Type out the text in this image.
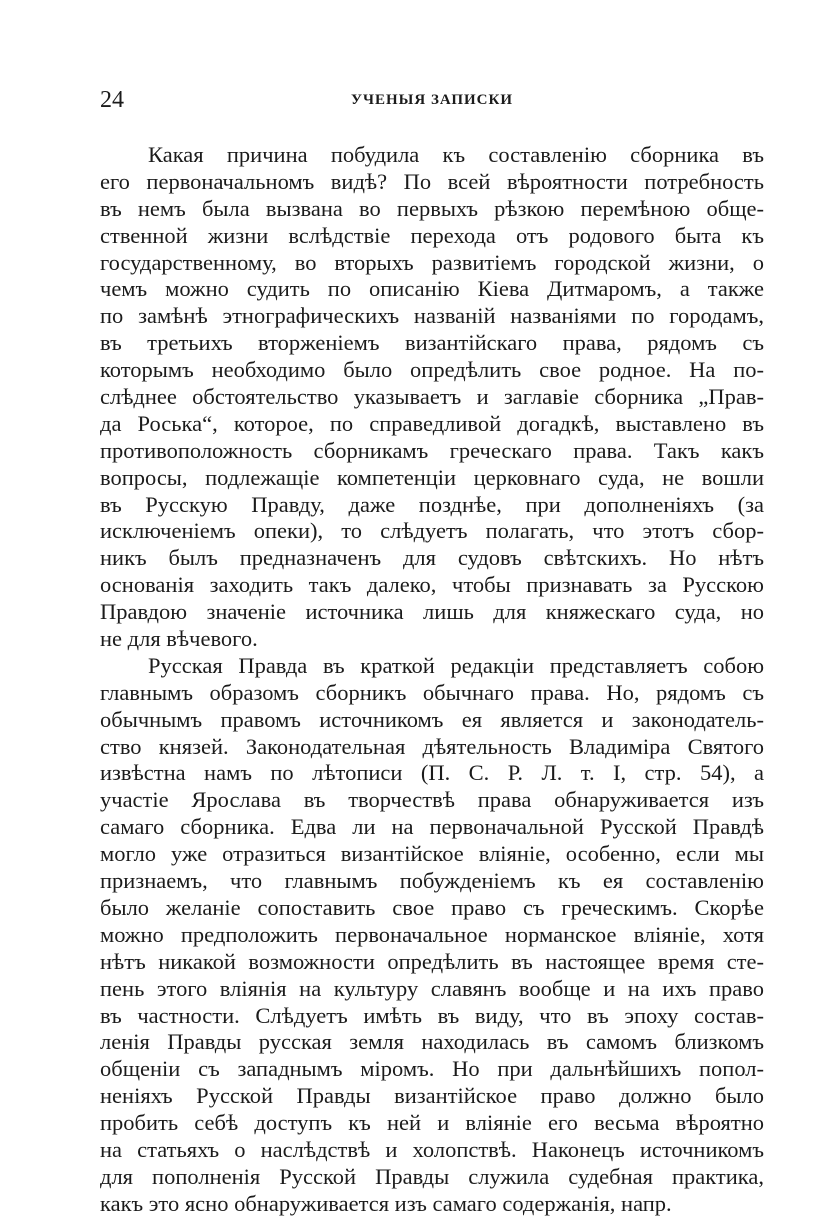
24	УЧЕНЫЯ ЗАПИСКИ
Какая причина побудила къ составленію сборника въ
его первоначальномъ видѣ? По всей вѣроятности потребность
въ немъ была вызвана во первыхъ рѣзкою перемѣною обще-
ственной жизни вслѣдствіе перехода отъ родового быта къ
государственному, во вторыхъ развитіемъ городской жизни, о
чемъ можно судить по описанію Кіева Дитмаромъ, а также
по замѣнѣ этнографическихъ названій названіями по городамъ,
въ третьихъ вторженіемъ византійскаго права, рядомъ съ
которымъ необходимо было опредѣлить свое родное. На по-
слѣднее обстоятельство указываетъ и заглавіе сборника „Прав-
да Роська“, которое, по справедливой догадкѣ, выставлено въ
противоположность сборникамъ греческаго права. Такъ какъ
вопросы, подлежащіе компетенціи церковнаго суда, не вошли
въ Русскую Правду, даже позднѣе, при дополненіяхъ (за
исключеніемъ опеки), то слѣдуетъ полагать, что этотъ сбор-
никъ былъ предназначенъ для судовъ свѣтскихъ. Но нѣтъ
основанія заходить такъ далеко, чтобы признавать за Русскою
Правдою значеніе источника лишь для княжескаго суда, но
не для вѣчевого.
Русская Правда въ краткой редакціи представляетъ собою
главнымъ образомъ сборникъ обычнаго права. Но, рядомъ съ
обычнымъ правомъ источникомъ ея является и законодатель-
ство князей. Законодательная дѣятельность Владиміра Святого
извѣстна намъ по лѣтописи (П. С. Р. Л. т. I, стр. 54), а
участіе Ярослава въ творчествѣ права обнаруживается изъ
самаго сборника. Едва ли на первоначальной Русской Правдѣ
могло уже отразиться византійское вліяніе, особенно, если мы
признаемъ, что главнымъ побужденіемъ къ ея составленію
было желаніе сопоставить свое право съ греческимъ. Скорѣе
можно предположить первоначальное норманское вліяніе, хотя
нѣтъ никакой возможности опредѣлить въ настоящее время сте-
пень этого вліянія на культуру славянъ вообще и на ихъ право
въ частности. Слѣдуетъ имѣть въ виду, что въ эпоху состав-
ленія Правды русская земля находилась въ самомъ близкомъ
общеніи съ западнымъ міромъ. Но при дальнѣйшихъ попол-
неніяхъ Русской Правды византійское право должно было
пробить себѣ доступъ къ ней и вліяніе его весьма вѣроятно
на статьяхъ о наслѣдствѣ и холопствѣ. Наконецъ источникомъ
для пополненія Русской Правды служила судебная практика,
какъ это ясно обнаруживается изъ самаго содержанія, напр.
